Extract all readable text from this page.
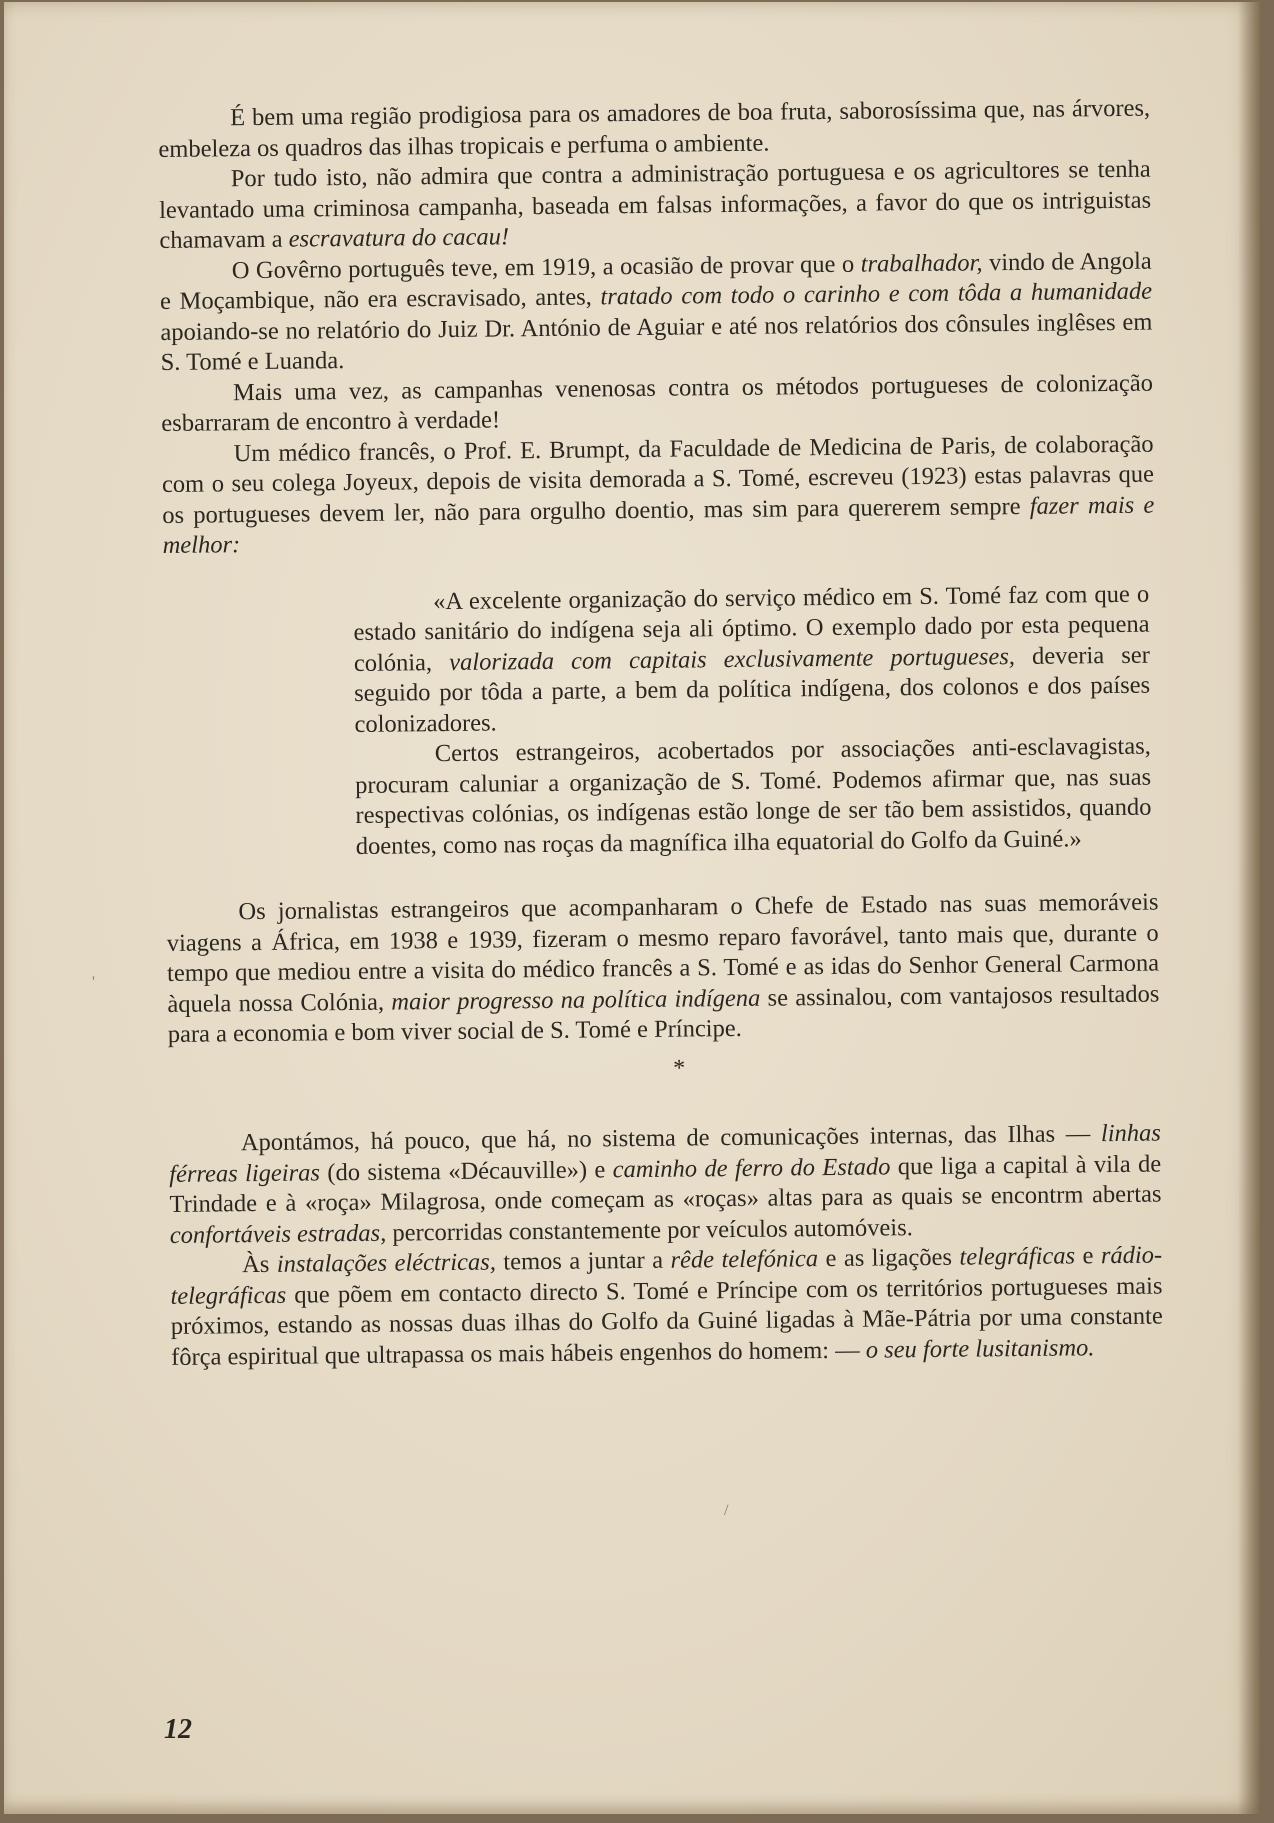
É bem uma região prodigiosa para os amadores de boa fruta, saborosíssima que, nas árvores, embeleza os quadros das ilhas tropicais e perfuma o ambiente.

Por tudo isto, não admira que contra a administração portuguesa e os agricultores se tenha levantado uma criminosa campanha, baseada em falsas informações, a favor do que os intriguistas chamavam a escravatura do cacau!

O Govêrno português teve, em 1919, a ocasião de provar que o trabalhador, vindo de Angola e Moçambique, não era escravisado, antes, tratado com todo o carinho e com tôda a humanidade apoiando-se no relatório do Juiz Dr. António de Aguiar e até nos relatórios dos cônsules inglêses em S. Tomé e Luanda.

Mais uma vez, as campanhas venenosas contra os métodos portugueses de colonização esbarraram de encontro à verdade!

Um médico francês, o Prof. E. Brumpt, da Faculdade de Medicina de Paris, de colaboração com o seu colega Joyeux, depois de visita demorada a S. Tomé, escreveu (1923) estas palavras que os portugueses devem ler, não para orgulho doentio, mas sim para quererem sempre fazer mais e melhor:

«A excelente organização do serviço médico em S. Tomé faz com que o estado sanitário do indígena seja ali óptimo. O exemplo dado por esta pequena colónia, valorizada com capitais exclusivamente portugueses, deveria ser seguido por tôda a parte, a bem da política indígena, dos colonos e dos países colonizadores.

Certos estrangeiros, acobertados por associações anti-esclavagistas, procuram caluniar a organização de S. Tomé. Podemos afirmar que, nas suas respectivas colónias, os indígenas estão longe de ser tão bem assistidos, quando doentes, como nas roças da magnífica ilha equatorial do Golfo da Guiné.»

Os jornalistas estrangeiros que acompanharam o Chefe de Estado nas suas memoráveis viagens a África, em 1938 e 1939, fizeram o mesmo reparo favorável, tanto mais que, durante o tempo que mediou entre a visita do médico francês a S. Tomé e as idas do Senhor General Carmona àquela nossa Colónia, maior progresso na política indígena se assinalou, com vantajosos resultados para a economia e bom viver social de S. Tomé e Príncipe.

*

Apontámos, há pouco, que há, no sistema de comunicações internas, das Ilhas — linhas férreas ligeiras (do sistema «Décauville») e caminho de ferro do Estado que liga a capital à vila de Trindade e à «roça» Milagrosa, onde começam as «roças» altas para as quais se encontrm abertas confortáveis estradas, percorridas constantemente por veículos automóveis.

Às instalações eléctricas, temos a juntar a rêde telefónica e as ligações telegráficas e rádio-telegráficas que põem em contacto directo S. Tomé e Príncipe com os territórios portugueses mais próximos, estando as nossas duas ilhas do Golfo da Guiné ligadas à Mãe-Pátria por uma constante fôrça espiritual que ultrapassa os mais hábeis engenhos do homem: — o seu forte lusitanismo.

12
'
/
